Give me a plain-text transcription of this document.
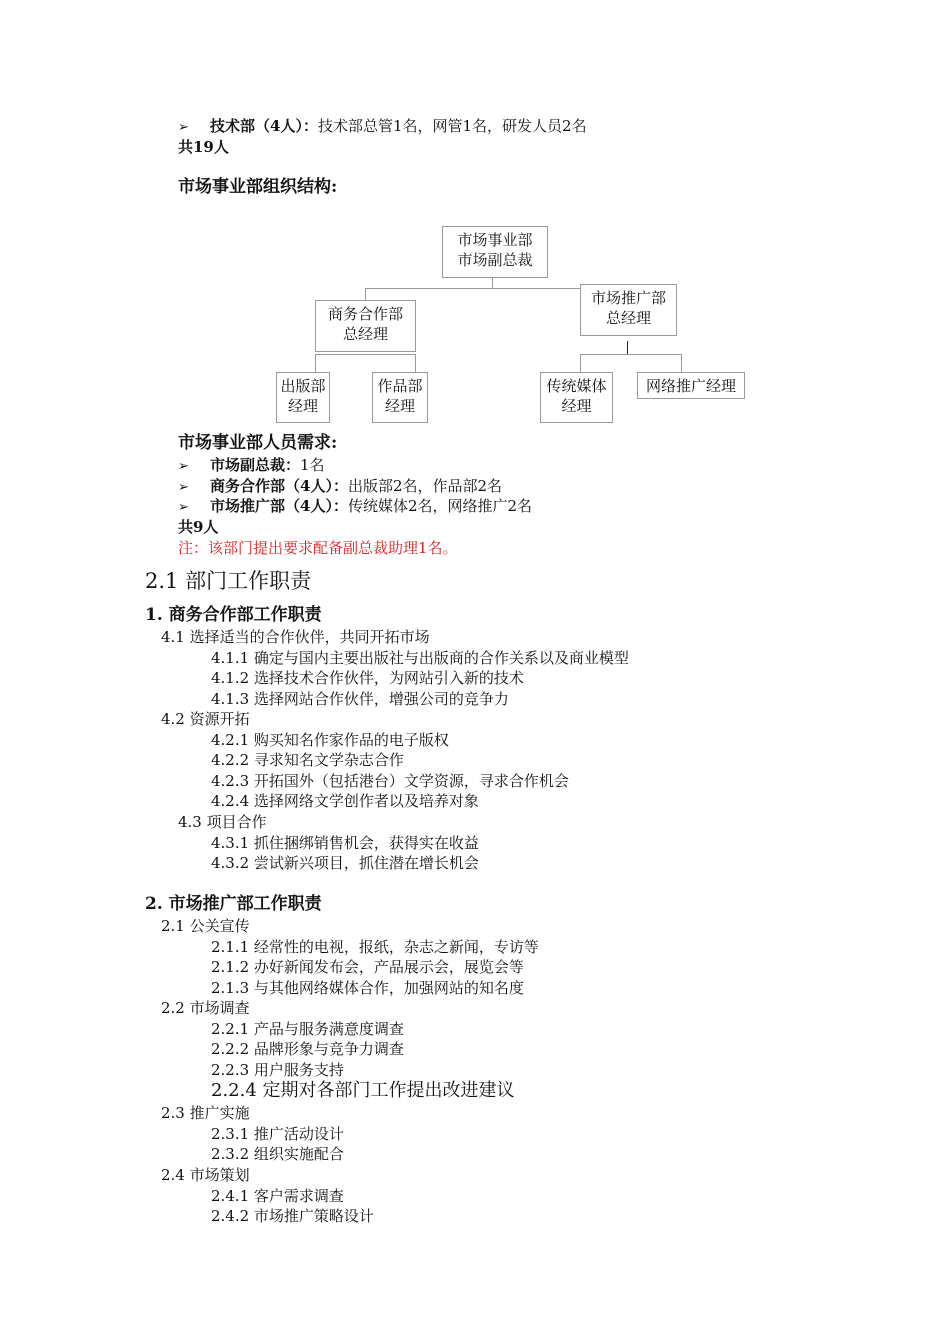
➢ 技术部（4人）：技术部总管1名，网管1名，研发人员2名
共19人
市场事业部组织结构:
市场事业部
市场副总裁
商务合作部
总经理
市场推广部
总经理
出版部
经理
作品部
经理
传统媒体
经理
网络推广经理
市场事业部人员需求:
➢ 市场副总裁：1名
➢ 商务合作部（4人）：出版部2名，作品部2名
➢ 市场推广部（4人）：传统媒体2名，网络推广2名
共9人
注：该部门提出要求配备副总裁助理1名。
2.1 部门工作职责
1. 商务合作部工作职责
4.1 选择适当的合作伙伴，共同开拓市场
4.1.1 确定与国内主要出版社与出版商的合作关系以及商业模型
4.1.2 选择技术合作伙伴，为网站引入新的技术
4.1.3 选择网站合作伙伴，增强公司的竞争力
4.2 资源开拓
4.2.1 购买知名作家作品的电子版权
4.2.2 寻求知名文学杂志合作
4.2.3 开拓国外（包括港台）文学资源，寻求合作机会
4.2.4 选择网络文学创作者以及培养对象
4.3 项目合作
4.3.1 抓住捆绑销售机会，获得实在收益
4.3.2 尝试新兴项目，抓住潜在增长机会
2. 市场推广部工作职责
2.1 公关宣传
2.1.1 经常性的电视，报纸，杂志之新闻，专访等
2.1.2 办好新闻发布会，产品展示会，展览会等
2.1.3 与其他网络媒体合作，加强网站的知名度
2.2 市场调查
2.2.1 产品与服务满意度调查
2.2.2 品牌形象与竞争力调查
2.2.3 用户服务支持
2.2.4 定期对各部门工作提出改进建议
2.3 推广实施
2.3.1 推广活动设计
2.3.2 组织实施配合
2.4 市场策划
2.4.1 客户需求调查
2.4.2 市场推广策略设计
